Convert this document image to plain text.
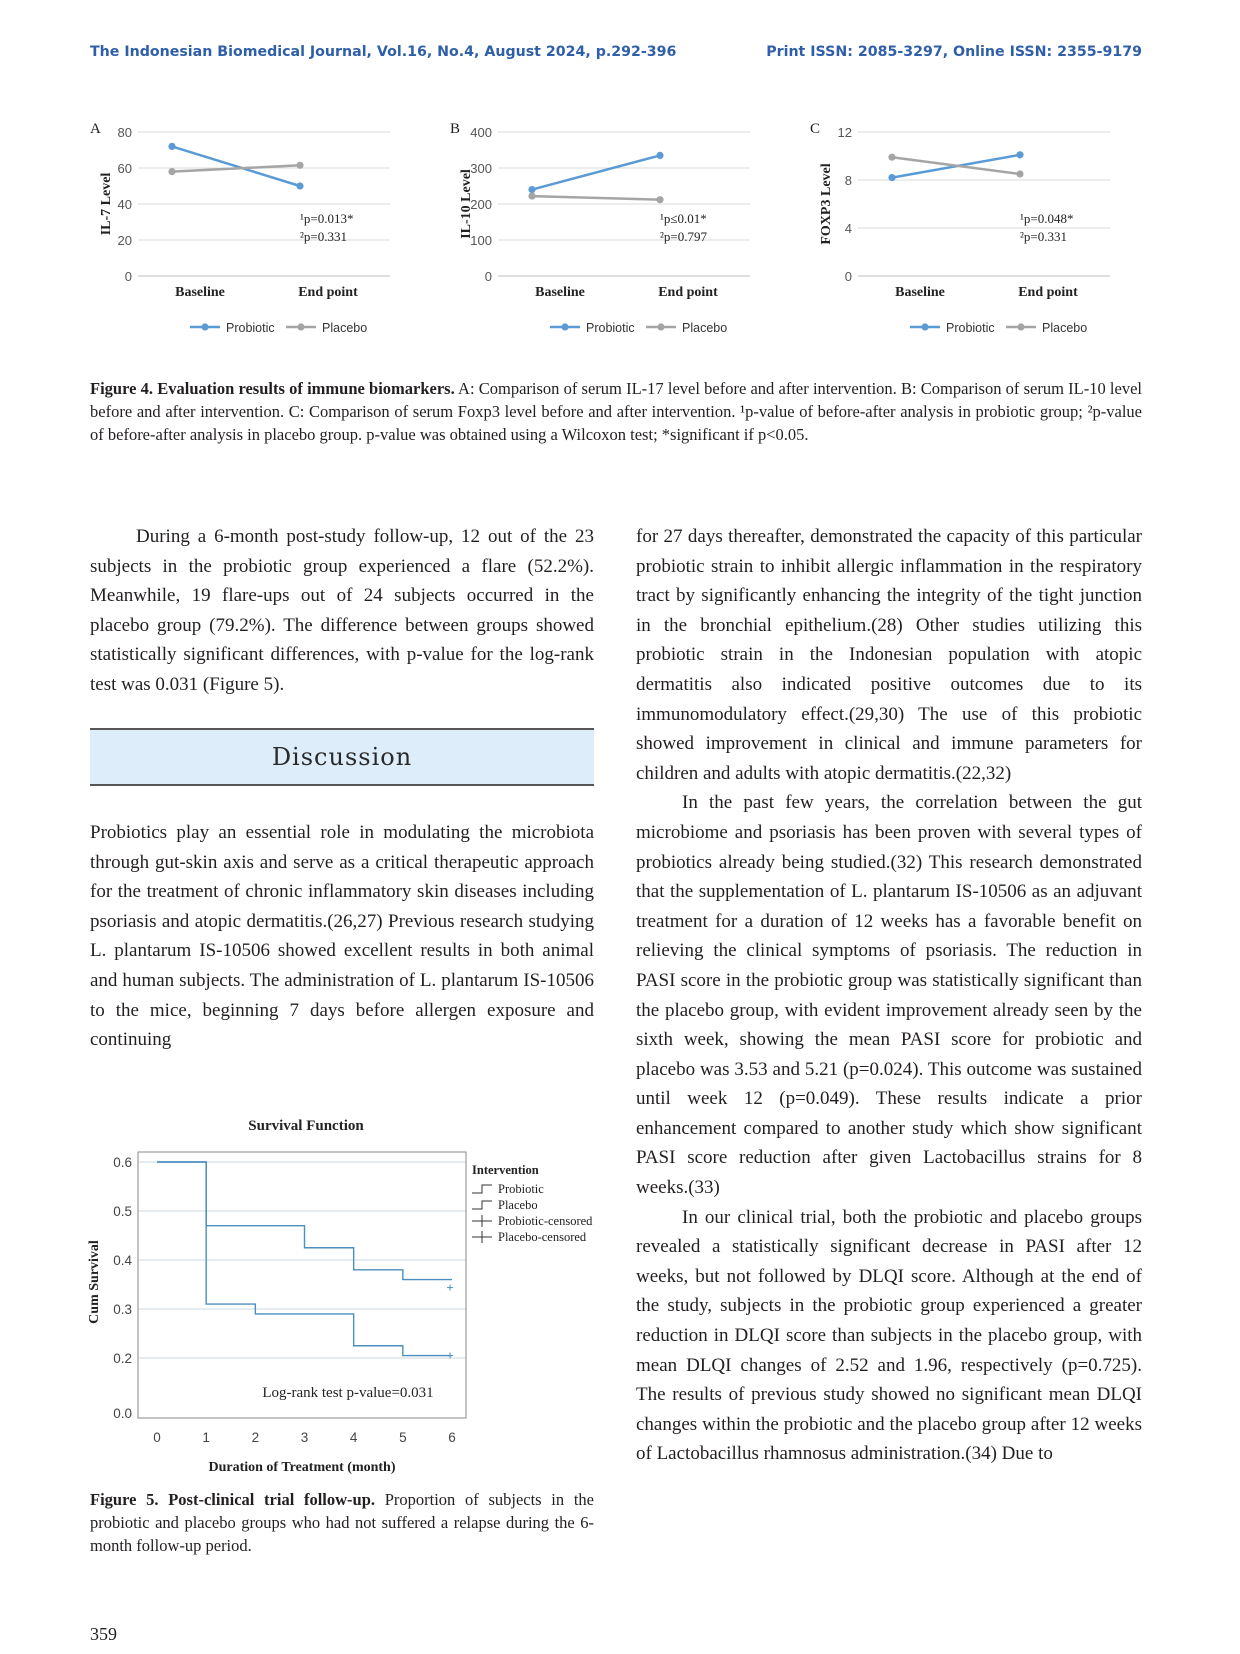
The Indonesian Biomedical Journal, Vol.16, No.4, August 2024, p.292-396	Print ISSN: 2085-3297, Online ISSN: 2355-9179
A
0
20
40
60
80
IL-7 Level
Baseline	End point
¹p=0.013*
²p=0.331
Probiotic	Placebo
B
0
100
200
300
400
IL-10 Level
Baseline	End point
¹p≤0.01*
²p=0.797
Probiotic	Placebo
C
0
4
8
12
FOXP3 Level
Baseline	End point
¹p=0.048*
²p=0.331
Probiotic	Placebo
Figure 4. Evaluation results of immune biomarkers. A: Comparison of serum IL-17 level before and after intervention. B: Comparison of serum IL-10 level before and after intervention. C: Comparison of serum Foxp3 level before and after intervention. ¹p-value of before-after analysis in probiotic group; ²p-value of before-after analysis in placebo group. p-value was obtained using a Wilcoxon test; *significant if p<0.05.

During a 6-month post-study follow-up, 12 out of the 23 subjects in the probiotic group experienced a flare (52.2%). Meanwhile, 19 flare-ups out of 24 subjects occurred in the placebo group (79.2%). The difference between groups showed statistically significant differences, with p-value for the log-rank test was 0.031 (Figure 5).

Discussion

Probiotics play an essential role in modulating the microbiota through gut-skin axis and serve as a critical therapeutic approach for the treatment of chronic inflammatory skin diseases including psoriasis and atopic dermatitis.(26,27) Previous research studying L. plantarum IS-10506 showed excellent results in both animal and human subjects. The administration of L. plantarum IS-10506 to the mice, beginning 7 days before allergen exposure and continuing

Survival Function
0.0
0.2
0.3
0.4
0.5
0.6
0	1	2	3	4	5	6
Duration of Treatment (month)
Cum Survival
Log-rank test p-value=0.031
Intervention
Probiotic
Placebo
Probiotic-censored
Placebo-censored
Figure 5. Post-clinical trial follow-up. Proportion of subjects in the probiotic and placebo groups who had not suffered a relapse during the 6-month follow-up period.

for 27 days thereafter, demonstrated the capacity of this particular probiotic strain to inhibit allergic inflammation in the respiratory tract by significantly enhancing the integrity of the tight junction in the bronchial epithelium.(28) Other studies utilizing this probiotic strain in the Indonesian population with atopic dermatitis also indicated positive outcomes due to its immunomodulatory effect.(29,30) The use of this probiotic showed improvement in clinical and immune parameters for children and adults with atopic dermatitis.(22,32)

In the past few years, the correlation between the gut microbiome and psoriasis has been proven with several types of probiotics already being studied.(32) This research demonstrated that the supplementation of L. plantarum IS-10506 as an adjuvant treatment for a duration of 12 weeks has a favorable benefit on relieving the clinical symptoms of psoriasis. The reduction in PASI score in the probiotic group was statistically significant than the placebo group, with evident improvement already seen by the sixth week, showing the mean PASI score for probiotic and placebo was 3.53 and 5.21 (p=0.024). This outcome was sustained until week 12 (p=0.049). These results indicate a prior enhancement compared to another study which show significant PASI score reduction after given Lactobacillus strains for 8 weeks.(33)

In our clinical trial, both the probiotic and placebo groups revealed a statistically significant decrease in PASI after 12 weeks, but not followed by DLQI score. Although at the end of the study, subjects in the probiotic group experienced a greater reduction in DLQI score than subjects in the placebo group, with mean DLQI changes of 2.52 and 1.96, respectively (p=0.725). The results of previous study showed no significant mean DLQI changes within the probiotic and the placebo group after 12 weeks of Lactobacillus rhamnosus administration.(34) Due to

359
